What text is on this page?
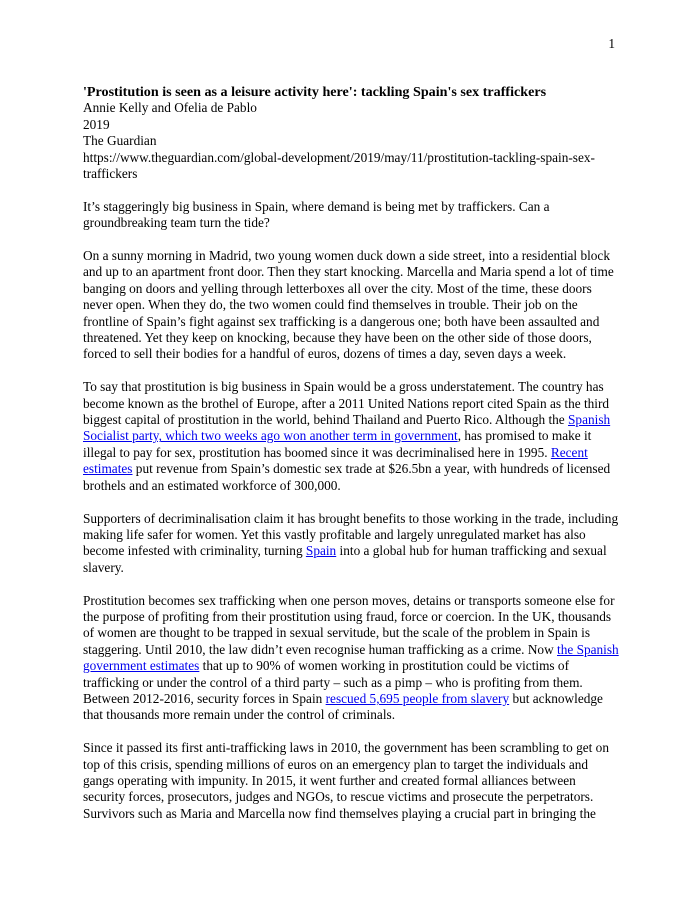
1
'Prostitution is seen as a leisure activity here': tackling Spain's sex traffickers
Annie Kelly and Ofelia de Pablo
2019
The Guardian
https://www.theguardian.com/global-development/2019/may/11/prostitution-tackling-spain-sex-traffickers

It’s staggeringly big business in Spain, where demand is being met by traffickers. Can a groundbreaking team turn the tide?

On a sunny morning in Madrid, two young women duck down a side street, into a residential block and up to an apartment front door. Then they start knocking. Marcella and Maria spend a lot of time banging on doors and yelling through letterboxes all over the city. Most of the time, these doors never open. When they do, the two women could find themselves in trouble. Their job on the frontline of Spain’s fight against sex trafficking is a dangerous one; both have been assaulted and threatened. Yet they keep on knocking, because they have been on the other side of those doors, forced to sell their bodies for a handful of euros, dozens of times a day, seven days a week.

To say that prostitution is big business in Spain would be a gross understatement. The country has become known as the brothel of Europe, after a 2011 United Nations report cited Spain as the third biggest capital of prostitution in the world, behind Thailand and Puerto Rico. Although the Spanish Socialist party, which two weeks ago won another term in government, has promised to make it illegal to pay for sex, prostitution has boomed since it was decriminalised here in 1995. Recent estimates put revenue from Spain’s domestic sex trade at $26.5bn a year, with hundreds of licensed brothels and an estimated workforce of 300,000.

Supporters of decriminalisation claim it has brought benefits to those working in the trade, including making life safer for women. Yet this vastly profitable and largely unregulated market has also become infested with criminality, turning Spain into a global hub for human trafficking and sexual slavery.

Prostitution becomes sex trafficking when one person moves, detains or transports someone else for the purpose of profiting from their prostitution using fraud, force or coercion. In the UK, thousands of women are thought to be trapped in sexual servitude, but the scale of the problem in Spain is staggering. Until 2010, the law didn’t even recognise human trafficking as a crime. Now the Spanish government estimates that up to 90% of women working in prostitution could be victims of trafficking or under the control of a third party – such as a pimp – who is profiting from them. Between 2012-2016, security forces in Spain rescued 5,695 people from slavery but acknowledge that thousands more remain under the control of criminals.

Since it passed its first anti-trafficking laws in 2010, the government has been scrambling to get on top of this crisis, spending millions of euros on an emergency plan to target the individuals and gangs operating with impunity. In 2015, it went further and created formal alliances between security forces, prosecutors, judges and NGOs, to rescue victims and prosecute the perpetrators. Survivors such as Maria and Marcella now find themselves playing a crucial part in bringing the
